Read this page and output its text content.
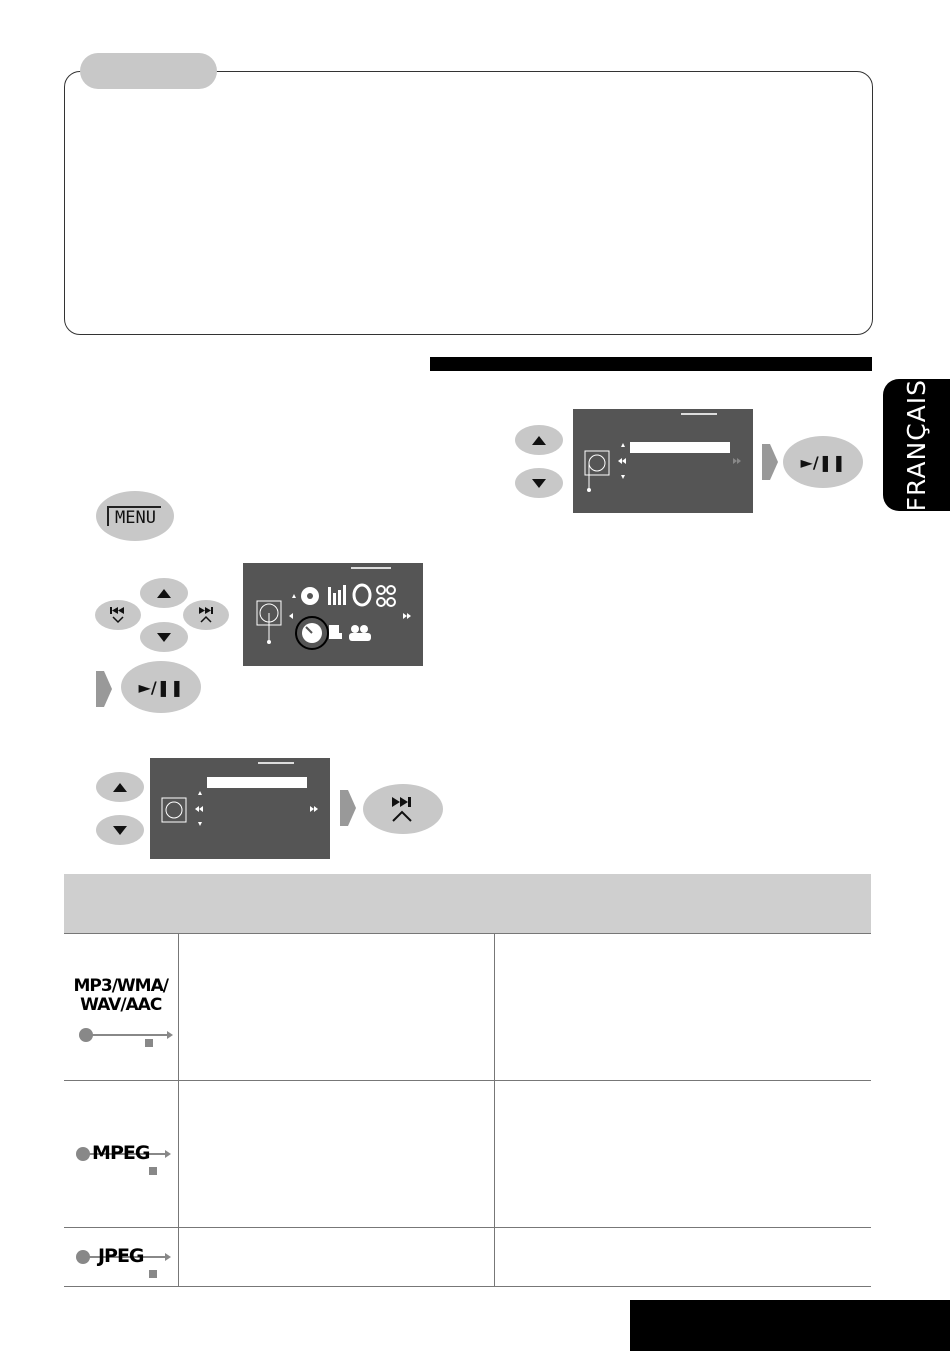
FRANÇAIS
MENU
►/❚❚
►/❚❚

MP3/WMA/
WAV/AAC		

MPEG		

JPEG		
